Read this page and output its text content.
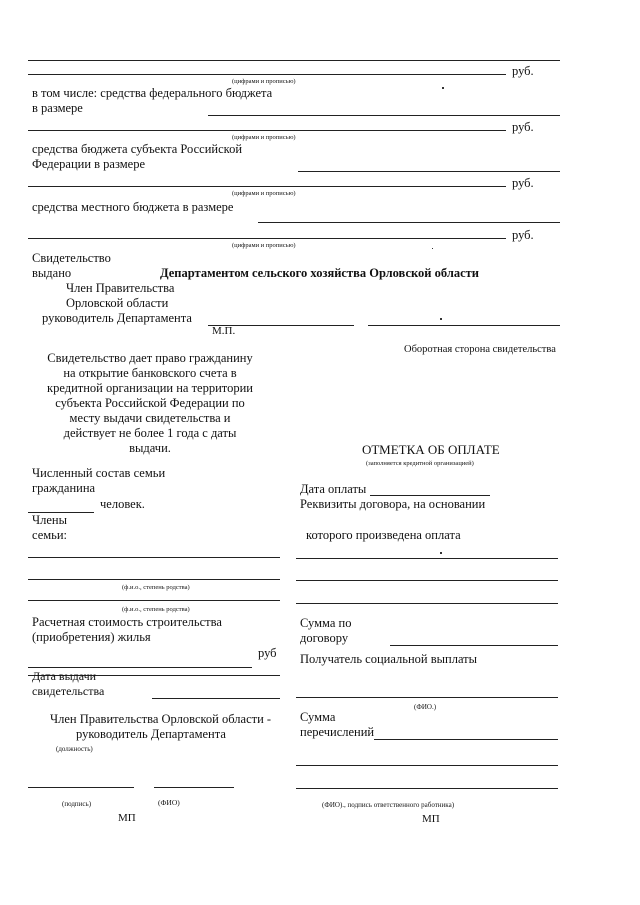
руб.
(цифрами и прописью)
в том числе: средства федерального бюджета
в размере
руб.
(цифрами и прописью)
средства бюджета субъекта Российской
Федерации в размере
руб.
(цифрами и прописью)
средства местного бюджета в размере
руб.
(цифрами и прописью)
Свидетельство
выдано	Департаментом сельского хозяйства Орловской области
Член Правительства
Орловской области
руководитель Департамента
М.П.
Оборотная сторона свидетельства
Свидетельство дает право гражданину
на открытие банковского счета в
кредитной организации на территории
субъекта Российской Федерации по
месту выдачи свидетельства и
действует не более 1 года с даты
выдачи.	ОТМЕТКА ОБ ОПЛАТЕ
(заполняется кредитной организацией)
Дата оплаты
Реквизиты договора, на основании
которого произведена оплата
Сумма по
договору
Получатель социальной выплаты
(ФИО.)
Сумма
перечислений
(ФИО)., подпись ответственного работника)
МП
Численный состав семьи
гражданина
человек.
Члены
семьи:
(ф.и.о., степень родства)
(ф.и.о., степень родства)
Расчетная стоимость строительства
(приобретения) жилья
руб
Дата выдачи
свидетельства
Член Правительства Орловской области -
руководитель Департамента
(должность)
(подпись)	(ФИО)
МП
